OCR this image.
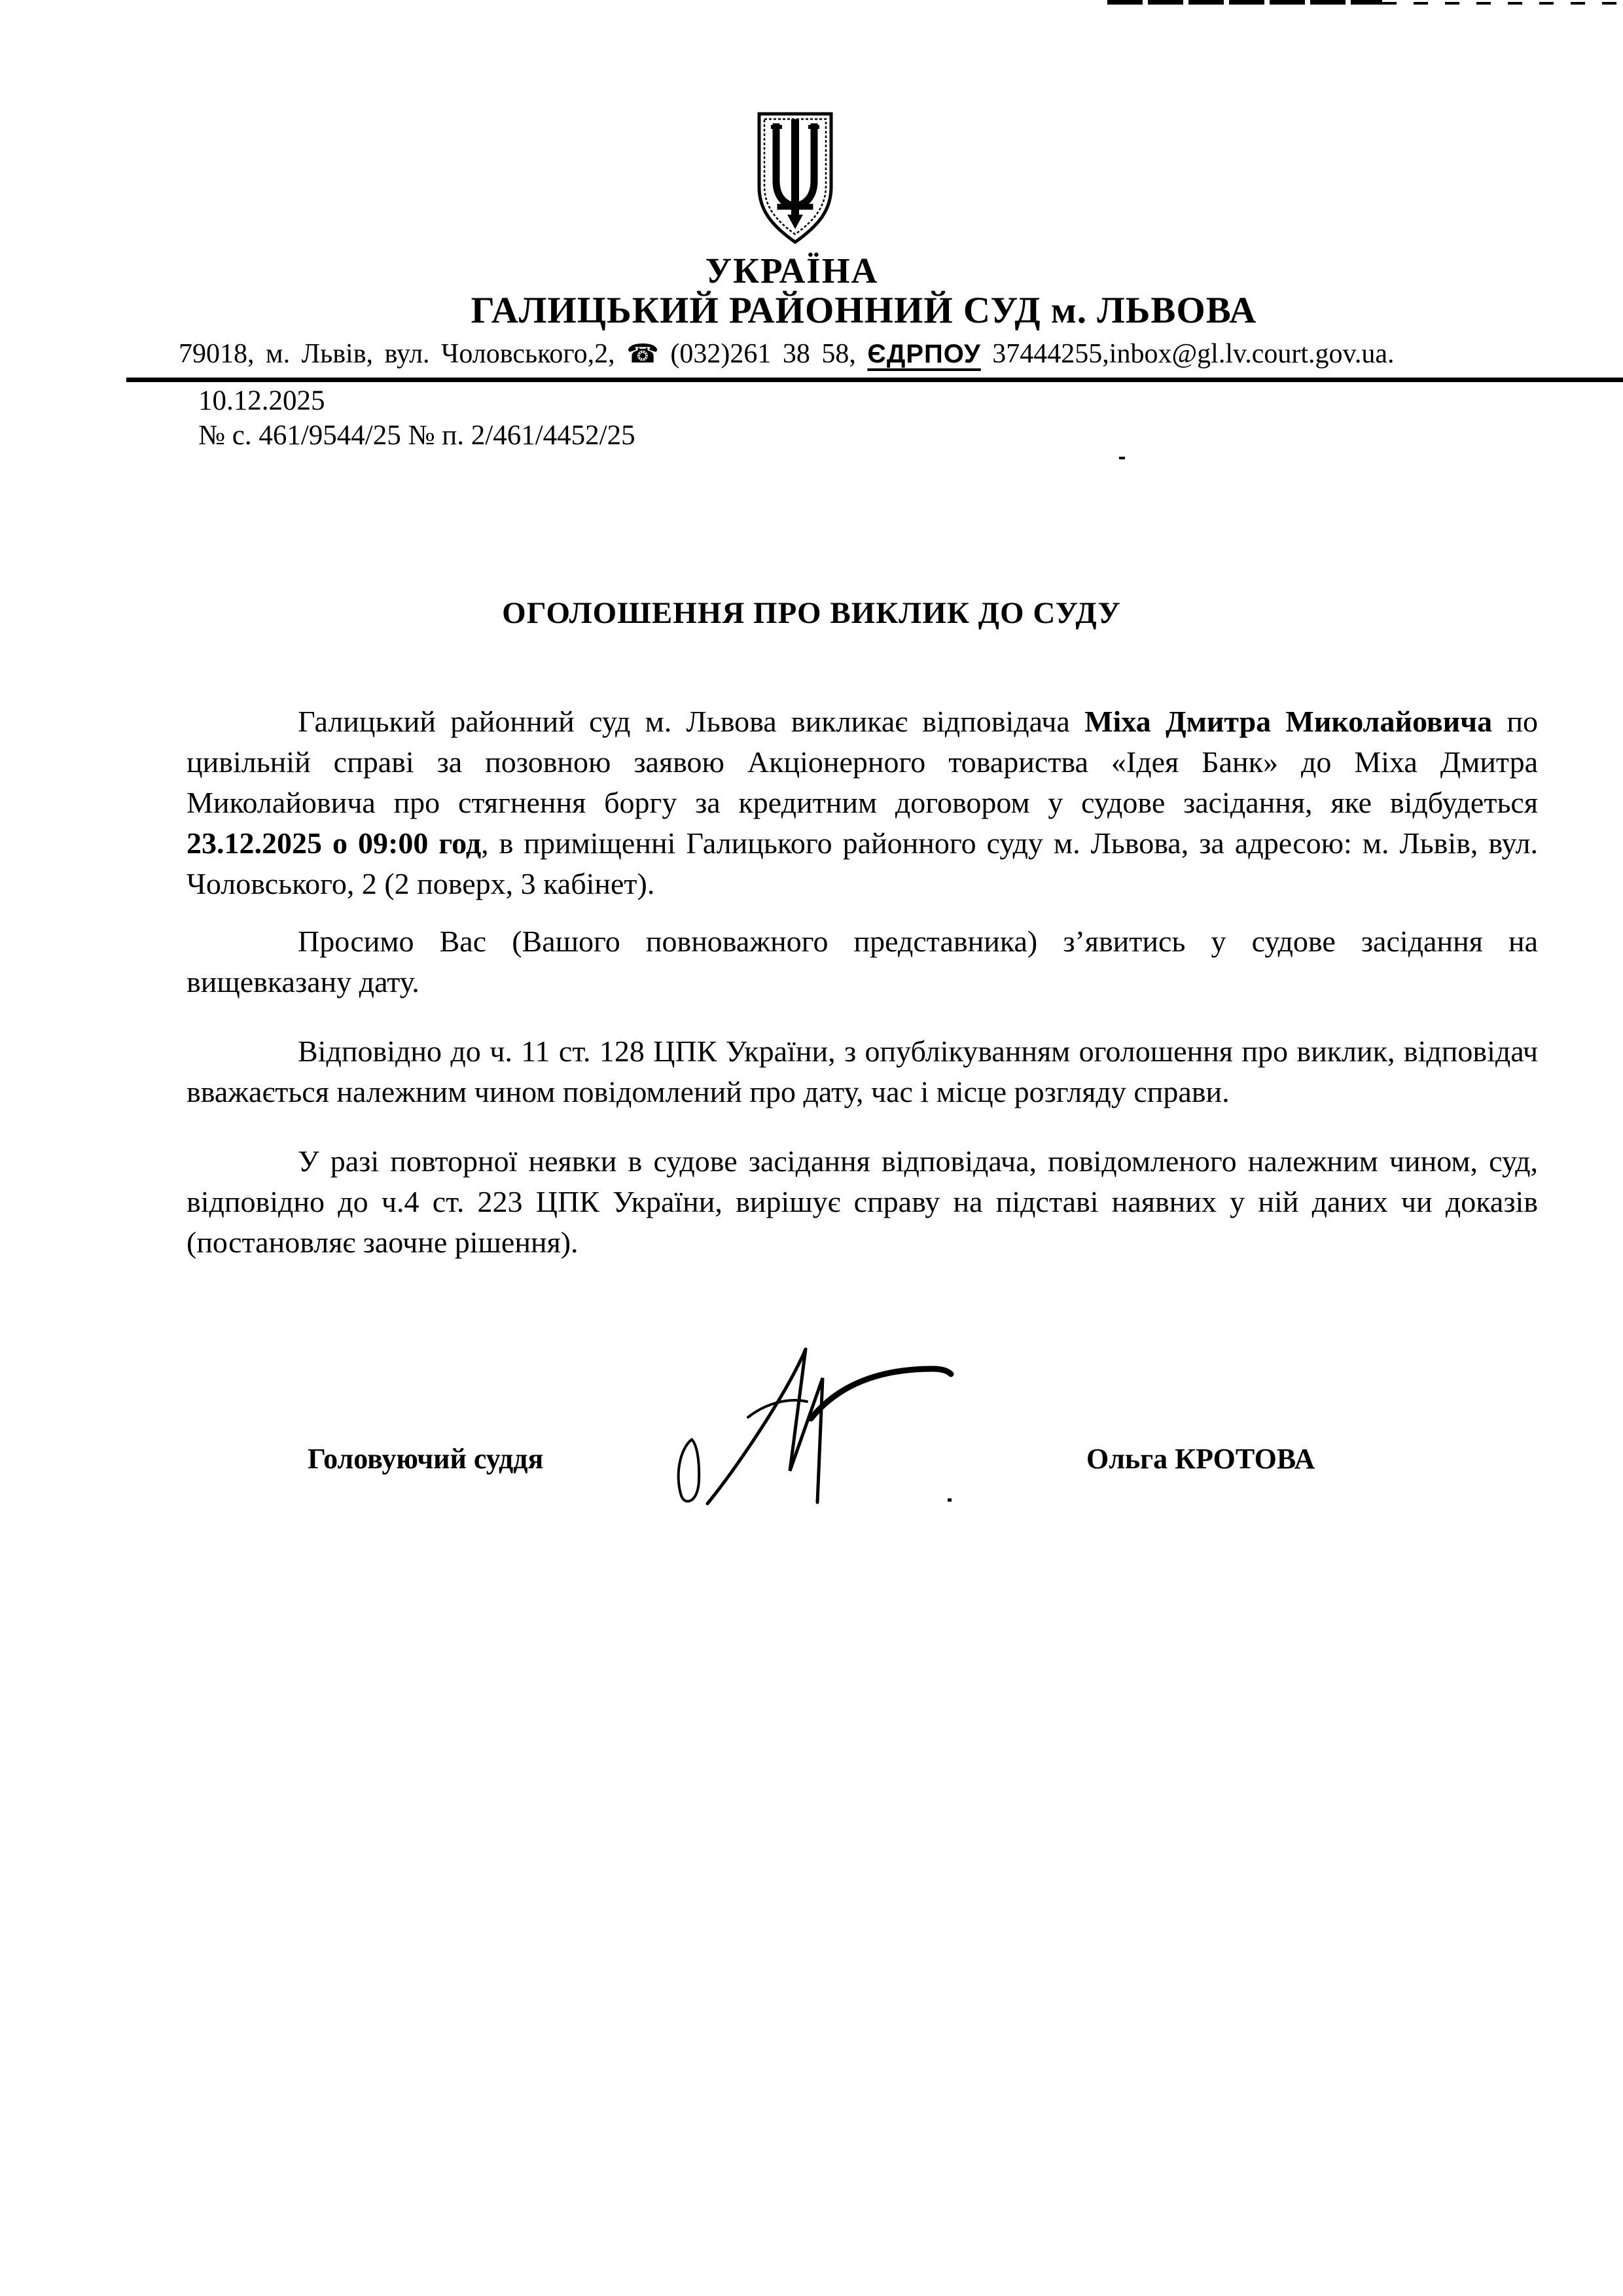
УКРАЇНА
ГАЛИЦЬКИЙ РАЙОННИЙ СУД м. ЛЬВОВА
79018, м. Львів, вул. Чоловського,2, ☎ (032)261 38 58, ЄДРПОУ 37444255,inbox@gl.lv.court.gov.ua.
10.12.2025
№ с. 461/9544/25 № п. 2/461/4452/25
ОГОЛОШЕННЯ ПРО ВИКЛИК ДО СУДУ

Галицький районний суд м. Львова викликає відповідача Міха Дмитра Миколайовича по цивільній справі за позовною заявою Акціонерного товариства «Ідея Банк» до Міха Дмитра Миколайовича про стягнення боргу за кредитним договором у судове засідання, яке відбудеться 23.12.2025 о 09:00 год, в приміщенні Галицького районного суду м. Львова, за адресою: м. Львів, вул. Чоловського, 2 (2 поверх, 3 кабінет).

Просимо Вас (Вашого повноважного представника) з’явитись у судове засідання на вищевказану дату.

Відповідно до ч. 11 ст. 128 ЦПК України, з опублікуванням оголошення про виклик, відповідач вважається належним чином повідомлений про дату, час і місце розгляду справи.

У разі повторної неявки в судове засідання відповідача, повідомленого належним чином, суд, відповідно до ч.4 ст. 223 ЦПК України, вирішує справу на підставі наявних у ній даних чи доказів (постановляє заочне рішення).

Головуючий суддя	Ольга КРОТОВА
